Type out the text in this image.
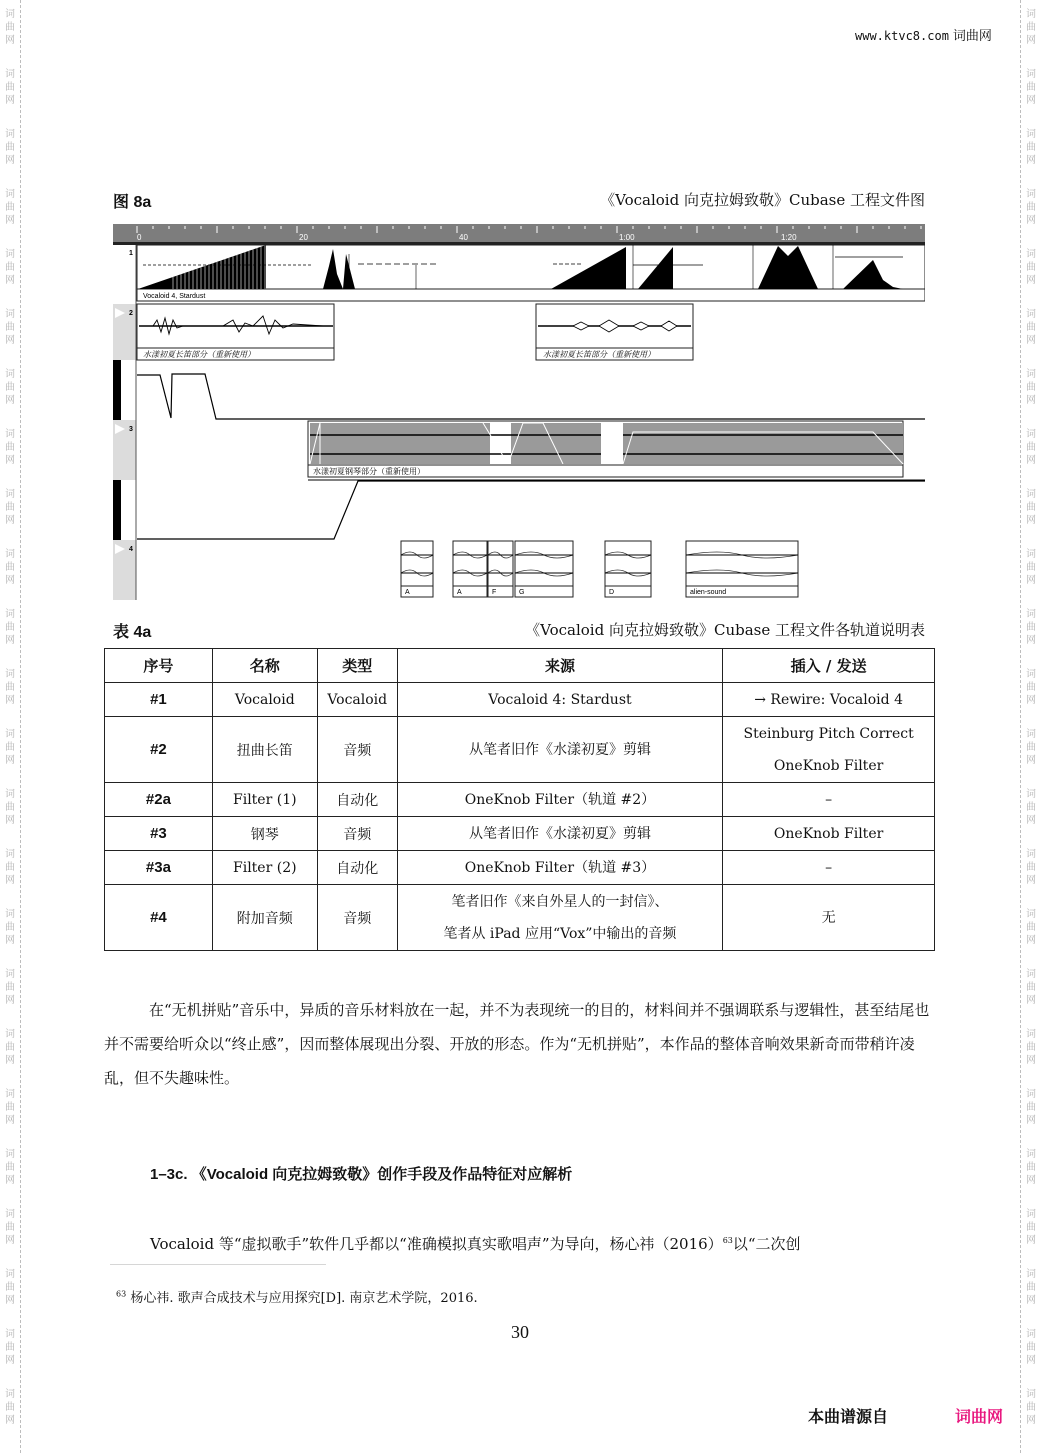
词
曲
网
词
曲
网
词
曲
网
词
曲
网
词
曲
网
词
曲
网
词
曲
网
词
曲
网
词
曲
网
词
曲
网
词
曲
网
词
曲
网
词
曲
网
词
曲
网
词
曲
网
词
曲
网
词
曲
网
词
曲
网
词
曲
网
词
曲
网
词
曲
网
词
曲
网
词
曲
网
词
曲
网
词
曲
网
词
曲
网
词
曲
网
词
曲
网
词
曲
网
词
曲
网
词
曲
网
词
曲
网
词
曲
网
词
曲
网
词
曲
网
词
曲
网
词
曲
网
词
曲
网
词
曲
网
词
曲
网
词
曲
网
词
曲
网
词
曲
网
词
曲
网
词
曲
网
词
曲
网
词
曲
网
词
曲
网
www.ktvc8.com 词曲网
图 8a	《Vocaloid 向克拉姆致敬》Cubase 工程文件图
0	20	40	1:00	1:20
1
2
3
4
Vocaloid 4, Stardust
水漾初夏长笛部分（重新使用）	水漾初夏长笛部分（重新使用）
水漾初夏钢琴部分（重新使用）
A	A	F	G	D	alien-sound
表 4a	《Vocaloid 向克拉姆致敬》Cubase 工程文件各轨道说明表
序号	名称	类型	来源	插入 / 发送
#1	Vocaloid	Vocaloid	Vocaloid 4: Stardust	→ Rewire: Vocaloid 4

#2	扭曲长笛	音频	从笔者旧作《水漾初夏》剪辑	Steinburg Pitch Correct
OneKnob Filter

#2a	Filter (1)	自动化	OneKnob Filter（轨道 #2）	–

#3	钢琴	音频	从笔者旧作《水漾初夏》剪辑	OneKnob Filter

#3a	Filter (2)	自动化	OneKnob Filter（轨道 #3）	–

#4	附加音频	音频	笔者旧作《来自外星人的一封信》、
笔者从 iPad 应用“Vox”中输出的音频	无
在“无机拼贴”音乐中，异质的音乐材料放在一起，并不为表现统一的目的，材料间并不强调联系与逻辑性，甚至结尾也并不需要给听众以“终止感”，因而整体展现出分裂、开放的形态。作为“无机拼贴”，本作品的整体音响效果新奇而带稍许凌乱，但不失趣味性。
1–3c. 《Vocaloid 向克拉姆致敬》创作手段及作品特征对应解析
Vocaloid 等“虚拟歌手”软件几乎都以“准确模拟真实歌唱声”为导向，杨心祎$(2016)^{63}$以“二次创
$^{63}$ 杨心祎. 歌声合成技术与应用探究[D]. 南京艺术学院，2016.
30
本曲谱源自	词曲网
